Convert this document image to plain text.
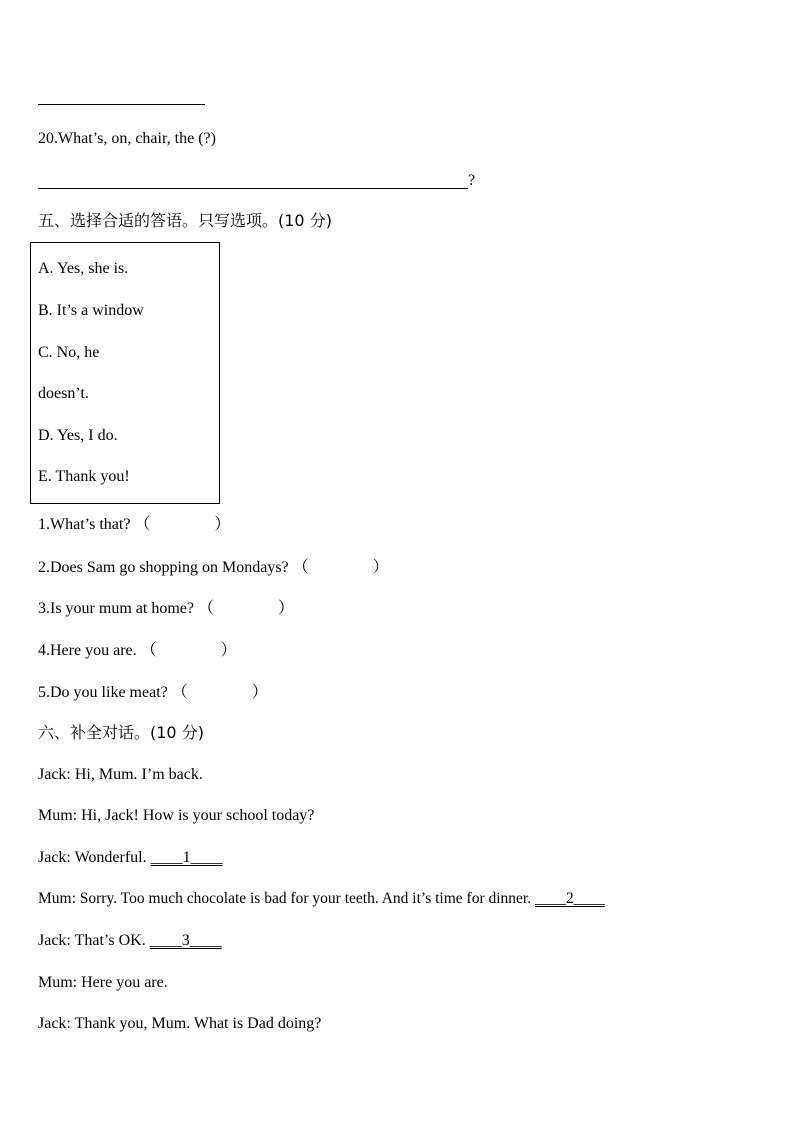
20.What’s, on, chair, the (?)
?
五、选择合适的答语。只写选项。(10 分)
A. Yes, she is.
B. It’s a window
C. No, he
doesn’t.
D. Yes, I do.
E. Thank you!
1.What’s that? （　　　　）
2.Does Sam go shopping on Mondays? （　　　　）
3.Is your mum at home? （　　　　）
4.Here you are. （　　　　）
5.Do you like meat? （　　　　）
六、补全对话。(10 分)
Jack: Hi, Mum. I’m back.
Mum: Hi, Jack! How is your school today?
Jack: Wonderful. ____1____
Mum: Sorry. Too much chocolate is bad for your teeth. And it’s time for dinner. ____2____
Jack: That’s OK. ____3____
Mum: Here you are.
Jack: Thank you, Mum. What is Dad doing?
